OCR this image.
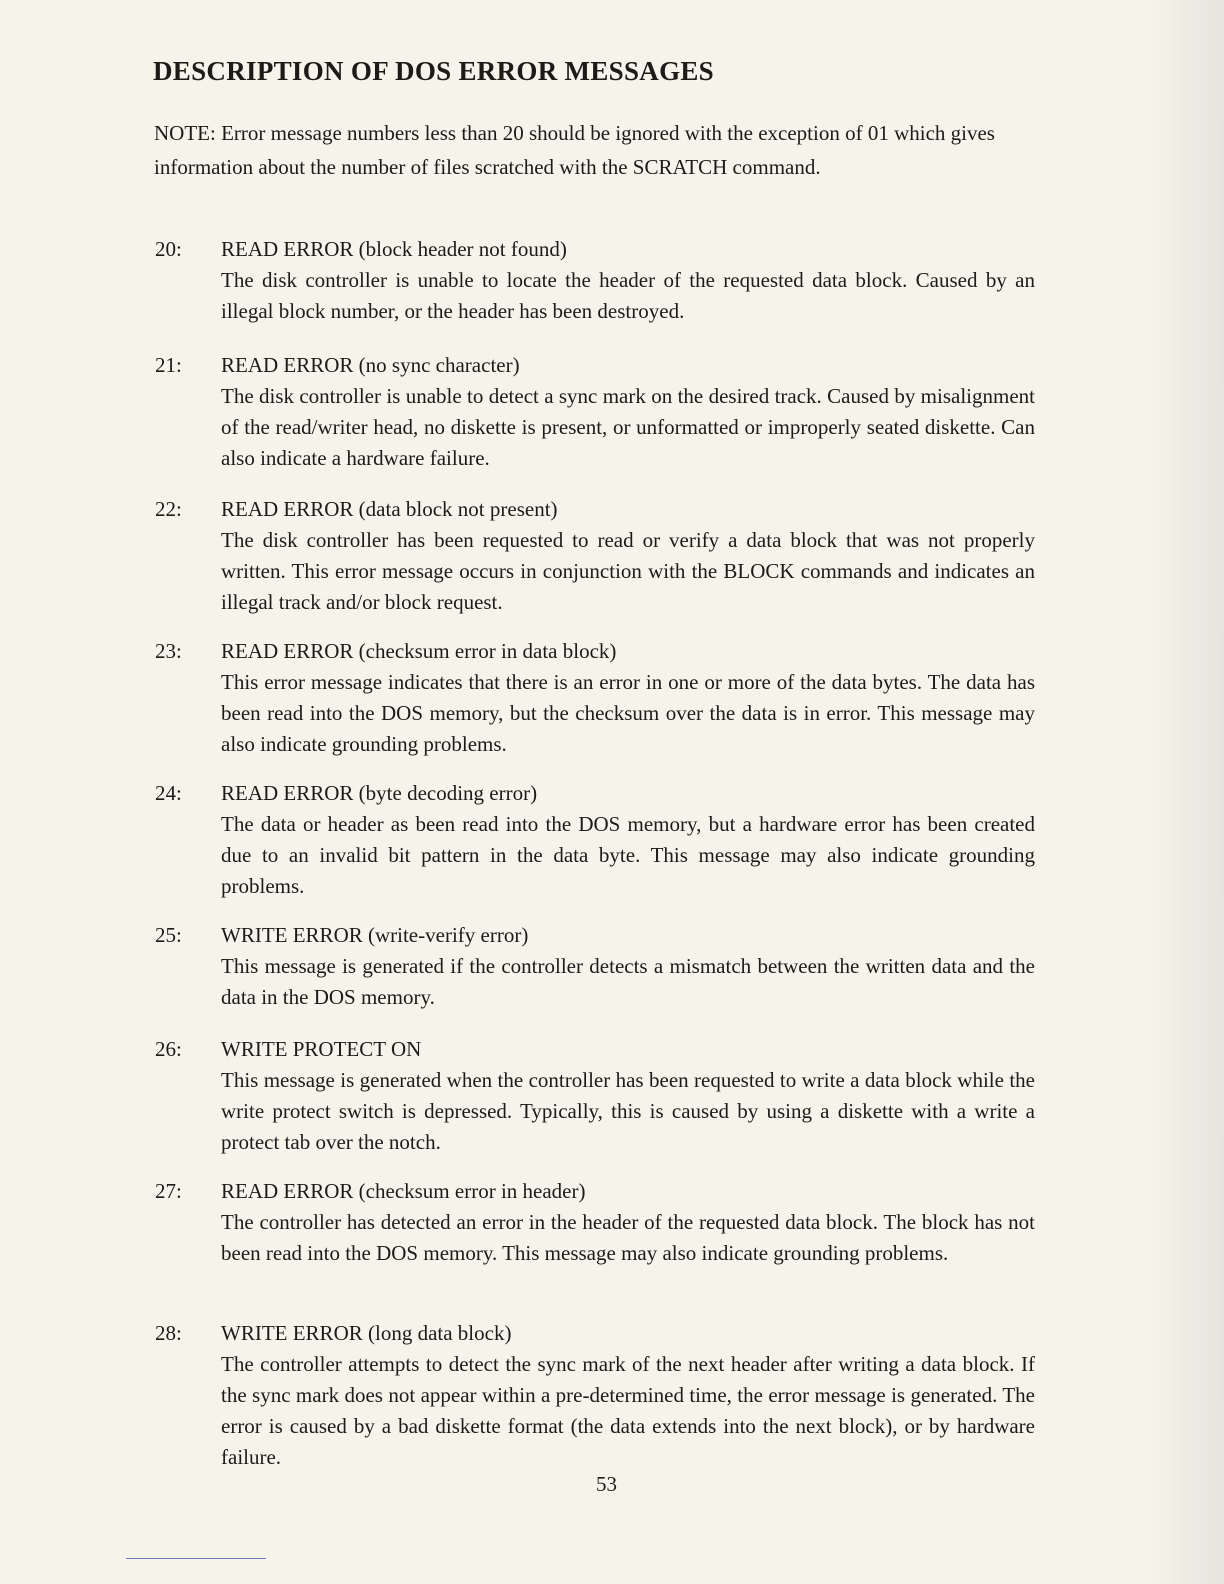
DESCRIPTION OF DOS ERROR MESSAGES

NOTE: Error message numbers less than 20 should be ignored with the exception of 01 which gives information about the number of files scratched with the SCRATCH command.

20:	READ ERROR (block header not found)
The disk controller is unable to locate the header of the requested data block. Caused by an illegal block number, or the header has been destroyed.
21:	READ ERROR (no sync character)
The disk controller is unable to detect a sync mark on the desired track. Caused by misalignment of the read/writer head, no diskette is present, or unformatted or improperly seated diskette. Can also indicate a hardware failure.
22:	READ ERROR (data block not present)
The disk controller has been requested to read or verify a data block that was not properly written. This error message occurs in conjunction with the BLOCK commands and indicates an illegal track and/or block request.
23:	READ ERROR (checksum error in data block)
This error message indicates that there is an error in one or more of the data bytes. The data has been read into the DOS memory, but the checksum over the data is in error. This message may also indicate grounding problems.
24:	READ ERROR (byte decoding error)
The data or header as been read into the DOS memory, but a hardware error has been created due to an invalid bit pattern in the data byte. This message may also indicate grounding problems.
25:	WRITE ERROR (write-verify error)
This message is generated if the controller detects a mismatch between the written data and the data in the DOS memory.
26:	WRITE PROTECT ON
This message is generated when the controller has been requested to write a data block while the write protect switch is depressed. Typically, this is caused by using a diskette with a write a protect tab over the notch.
27:	READ ERROR (checksum error in header)
The controller has detected an error in the header of the requested data block. The block has not been read into the DOS memory. This message may also indicate grounding problems.
28:	WRITE ERROR (long data block)
The controller attempts to detect the sync mark of the next header after writing a data block. If the sync mark does not appear within a pre-determined time, the error message is generated. The error is caused by a bad diskette format (the data extends into the next block), or by hardware failure.
53
